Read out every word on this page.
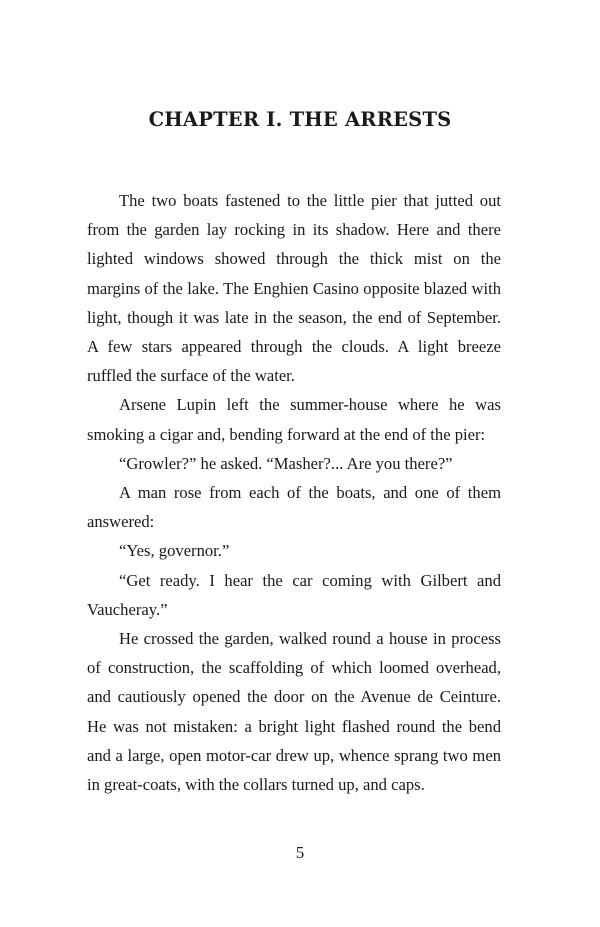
CHAPTER I. THE ARRESTS

The two boats fastened to the little pier that jutted out from the garden lay rocking in its shadow. Here and there lighted windows showed through the thick mist on the margins of the lake. The Enghien Casino opposite blazed with light, though it was late in the season, the end of September. A few stars appeared through the clouds. A light breeze ruffled the surface of the water.

Arsene Lupin left the summer-house where he was smoking a cigar and, bending forward at the end of the pier:

“Growler?” he asked. “Masher?... Are you there?”

A man rose from each of the boats, and one of them answered:

“Yes, governor.”

“Get ready. I hear the car coming with Gilbert and Vaucheray.”

He crossed the garden, walked round a house in process of construction, the scaffolding of which loomed overhead, and cautiously opened the door on the Avenue de Ceinture. He was not mistaken: a bright light flashed round the bend and a large, open motor-car drew up, whence sprang two men in great-coats, with the collars turned up, and caps.

5
